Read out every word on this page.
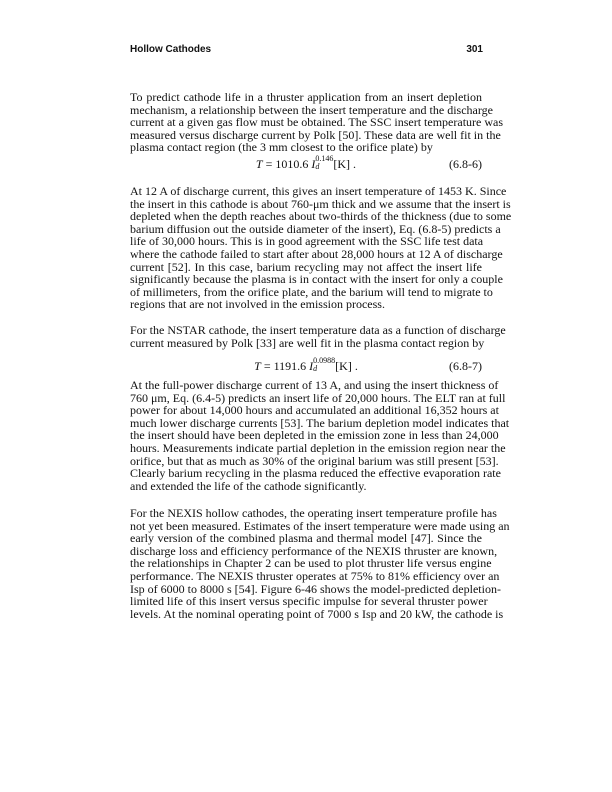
Hollow Cathodes	301
To predict cathode life in a thruster application from an insert depletion
mechanism, a relationship between the insert temperature and the discharge
current at a given gas flow must be obtained. The SSC insert temperature was
measured versus discharge current by Polk [50]. These data are well fit in the
plasma contact region (the 3 mm closest to the orifice plate) by
T = 1010.6 I 0.146
d	[K] .	(6.8-6)
At 12 A of discharge current, this gives an insert temperature of 1453 K. Since
the insert in this cathode is about 760-μm thick and we assume that the insert is
depleted when the depth reaches about two-thirds of the thickness (due to some
barium diffusion out the outside diameter of the insert), Eq. (6.8-5) predicts a
life of 30,000 hours. This is in good agreement with the SSC life test data
where the cathode failed to start after about 28,000 hours at 12 A of discharge
current [52]. In this case, barium recycling may not affect the insert life
significantly because the plasma is in contact with the insert for only a couple
of millimeters, from the orifice plate, and the barium will tend to migrate to
regions that are not involved in the emission process.
For the NSTAR cathode, the insert temperature data as a function of discharge
current measured by Polk [33] are well fit in the plasma contact region by
T = 1191.6 I 0.0988
d	[K] .	(6.8-7)
At the full-power discharge current of 13 A, and using the insert thickness of
760 μm, Eq. (6.4-5) predicts an insert life of 20,000 hours. The ELT ran at full
power for about 14,000 hours and accumulated an additional 16,352 hours at
much lower discharge currents [53]. The barium depletion model indicates that
the insert should have been depleted in the emission zone in less than 24,000
hours. Measurements indicate partial depletion in the emission region near the
orifice, but that as much as 30% of the original barium was still present [53].
Clearly barium recycling in the plasma reduced the effective evaporation rate
and extended the life of the cathode significantly.
For the NEXIS hollow cathodes, the operating insert temperature profile has
not yet been measured. Estimates of the insert temperature were made using an
early version of the combined plasma and thermal model [47]. Since the
discharge loss and efficiency performance of the NEXIS thruster are known,
the relationships in Chapter 2 can be used to plot thruster life versus engine
performance. The NEXIS thruster operates at 75% to 81% efficiency over an
Isp of 6000 to 8000 s [54]. Figure 6-46 shows the model-predicted depletion-
limited life of this insert versus specific impulse for several thruster power
levels. At the nominal operating point of 7000 s Isp and 20 kW, the cathode is
